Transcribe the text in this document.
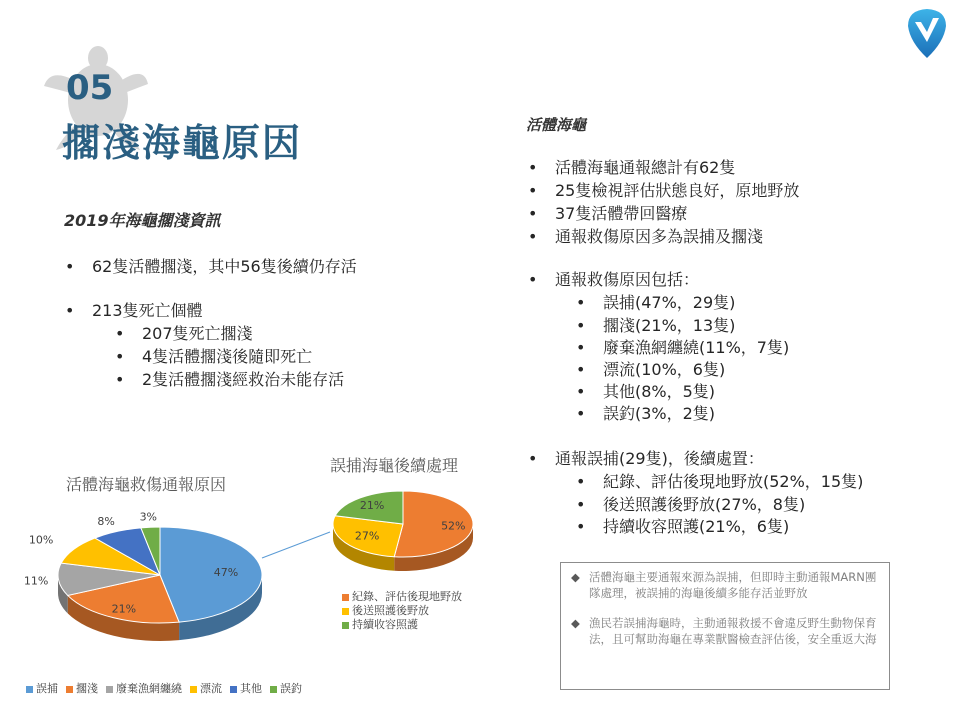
05
擱淺海龜原因
2019年海龜擱淺資訊
• 62隻活體擱淺，其中56隻後續仍存活
• 213隻死亡個體
• 207隻死亡擱淺
• 4隻活體擱淺後隨即死亡
• 2隻活體擱淺經救治未能存活
活體海龜
• 活體海龜通報總計有62隻
• 25隻檢視評估狀態良好，原地野放
• 37隻活體帶回醫療
• 通報救傷原因多為誤捕及擱淺
• 通報救傷原因包括：
• 誤捕(47%，29隻)
• 擱淺(21%，13隻)
• 廢棄漁網纏繞(11%，7隻)
• 漂流(10%，6隻)
• 其他(8%，5隻)
• 誤釣(3%，2隻)
• 通報誤捕(29隻)，後續處置：
• 紀錄、評估後現地野放(52%，15隻)
• 後送照護後野放(27%，8隻)
• 持續收容照護(21%，6隻)
活體海龜救傷通報原因
誤捕海龜後續處理
47%
21%
11%
10%
8% 3%
52%
27%
21%
誤捕 擱淺 廢棄漁網纏繞 漂流 其他 誤釣
紀錄、評估後現地野放
後送照護後野放
持續收容照護
◆ 活體海龜主要通報來源為誤捕，但即時主動通報MARN團隊處理，被誤捕的海龜後續多能存活並野放
◆ 漁民若誤捕海龜時，主動通報救援不會違反野生動物保育法，且可幫助海龜在專業獸醫檢查評估後，安全重返大海
